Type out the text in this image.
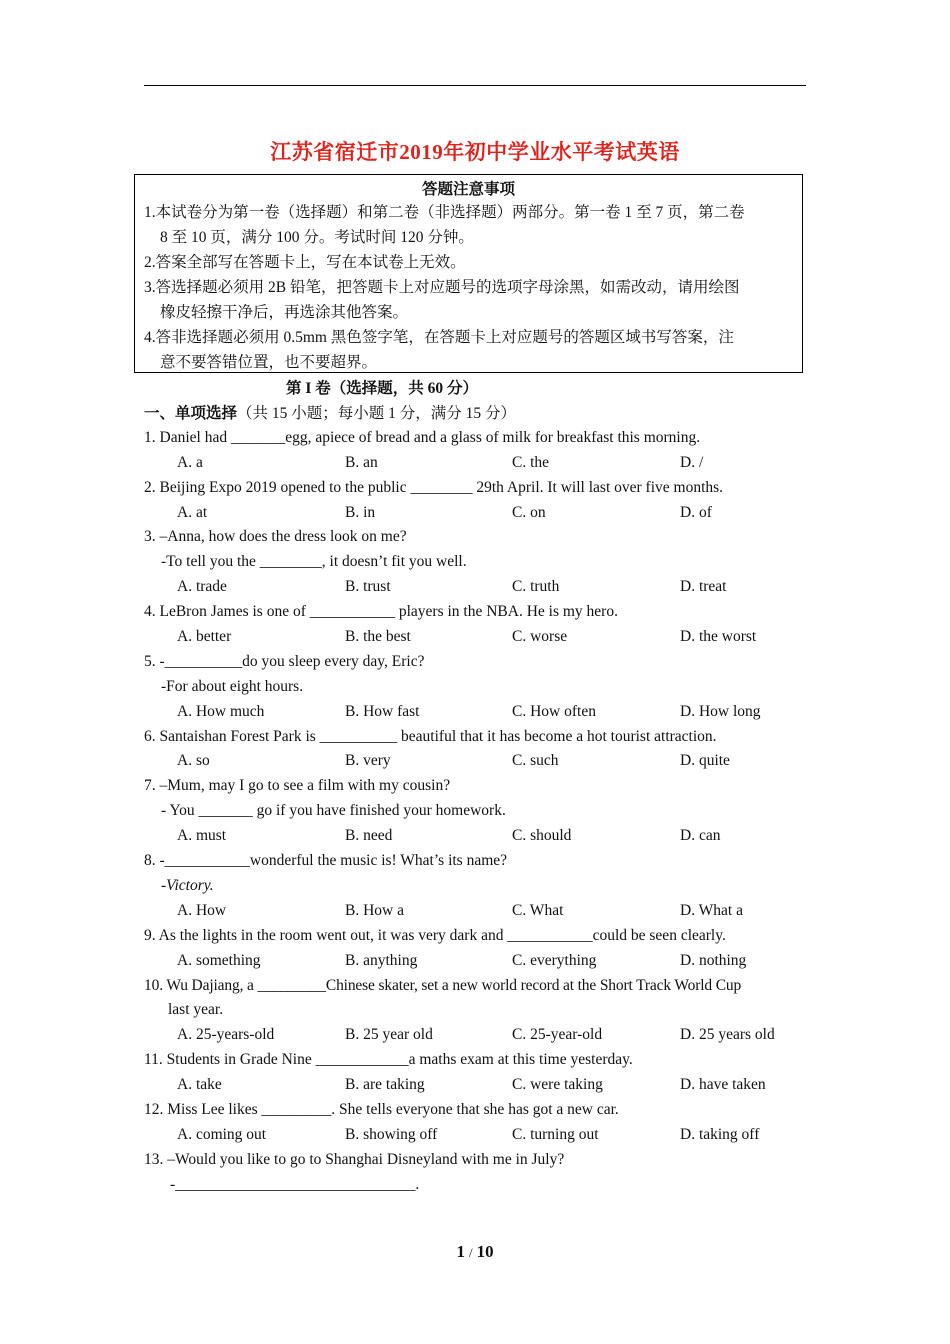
江苏省宿迁市2019年初中学业水平考试英语
答题注意事项
1.本试卷分为第一卷（选择题）和第二卷（非选择题）两部分。第一卷 1 至 7 页，第二卷
8 至 10 页，满分 100 分。考试时间 120 分钟。
2.答案全部写在答题卡上，写在本试卷上无效。
3.答选择题必须用 2B 铅笔，把答题卡上对应题号的选项字母涂黑，如需改动，请用绘图
橡皮轻擦干净后，再选涂其他答案。
4.答非选择题必须用 0.5mm 黑色签字笔，在答题卡上对应题号的答题区域书写答案，注
意不要答错位置，也不要超界。
第 I 卷（选择题，共 60 分）
一、单项选择（共 15 小题；每小题 1 分，满分 15 分）
1. Daniel had _______egg, apiece of bread and a glass of milk for breakfast this morning.
A. a	B. an	C. the	D. /
2. Beijing Expo 2019 opened to the public ________ 29th April. It will last over five months.
A. at	B. in	C. on	D. of
3. –Anna, how does the dress look on me?
-To tell you the ________, it doesn’t fit you well.
A. trade	B. trust	C. truth	D. treat
4. LeBron James is one of ___________ players in the NBA. He is my hero.
A. better	B. the best	C. worse	D. the worst
5. -__________do you sleep every day, Eric?
-For about eight hours.
A. How much	B. How fast	C. How often	D. How long
6. Santaishan Forest Park is __________ beautiful that it has become a hot tourist attraction.
A. so	B. very	C. such	D. quite
7. –Mum, may I go to see a film with my cousin?
- You _______ go if you have finished your homework.
A. must	B. need	C. should	D. can
8. -___________wonderful the music is! What’s its name?
-Victory.
A. How	B. How a	C. What	D. What a
9. As the lights in the room went out, it was very dark and ___________could be seen clearly.
A. something	B. anything	C. everything	D. nothing
10. Wu Dajiang, a _________Chinese skater, set a new world record at the Short Track World Cup
last year.
A. 25-years-old	B. 25 year old	C. 25-year-old	D. 25 years old
11. Students in Grade Nine ____________a maths exam at this time yesterday.
A. take	B. are taking	C. were taking	D. have taken
12. Miss Lee likes _________. She tells everyone that she has got a new car.
A. coming out	B. showing off	C. turning out	D. taking off
13. –Would you like to go to Shanghai Disneyland with me in July?
-_______________________________.
1 / 10
